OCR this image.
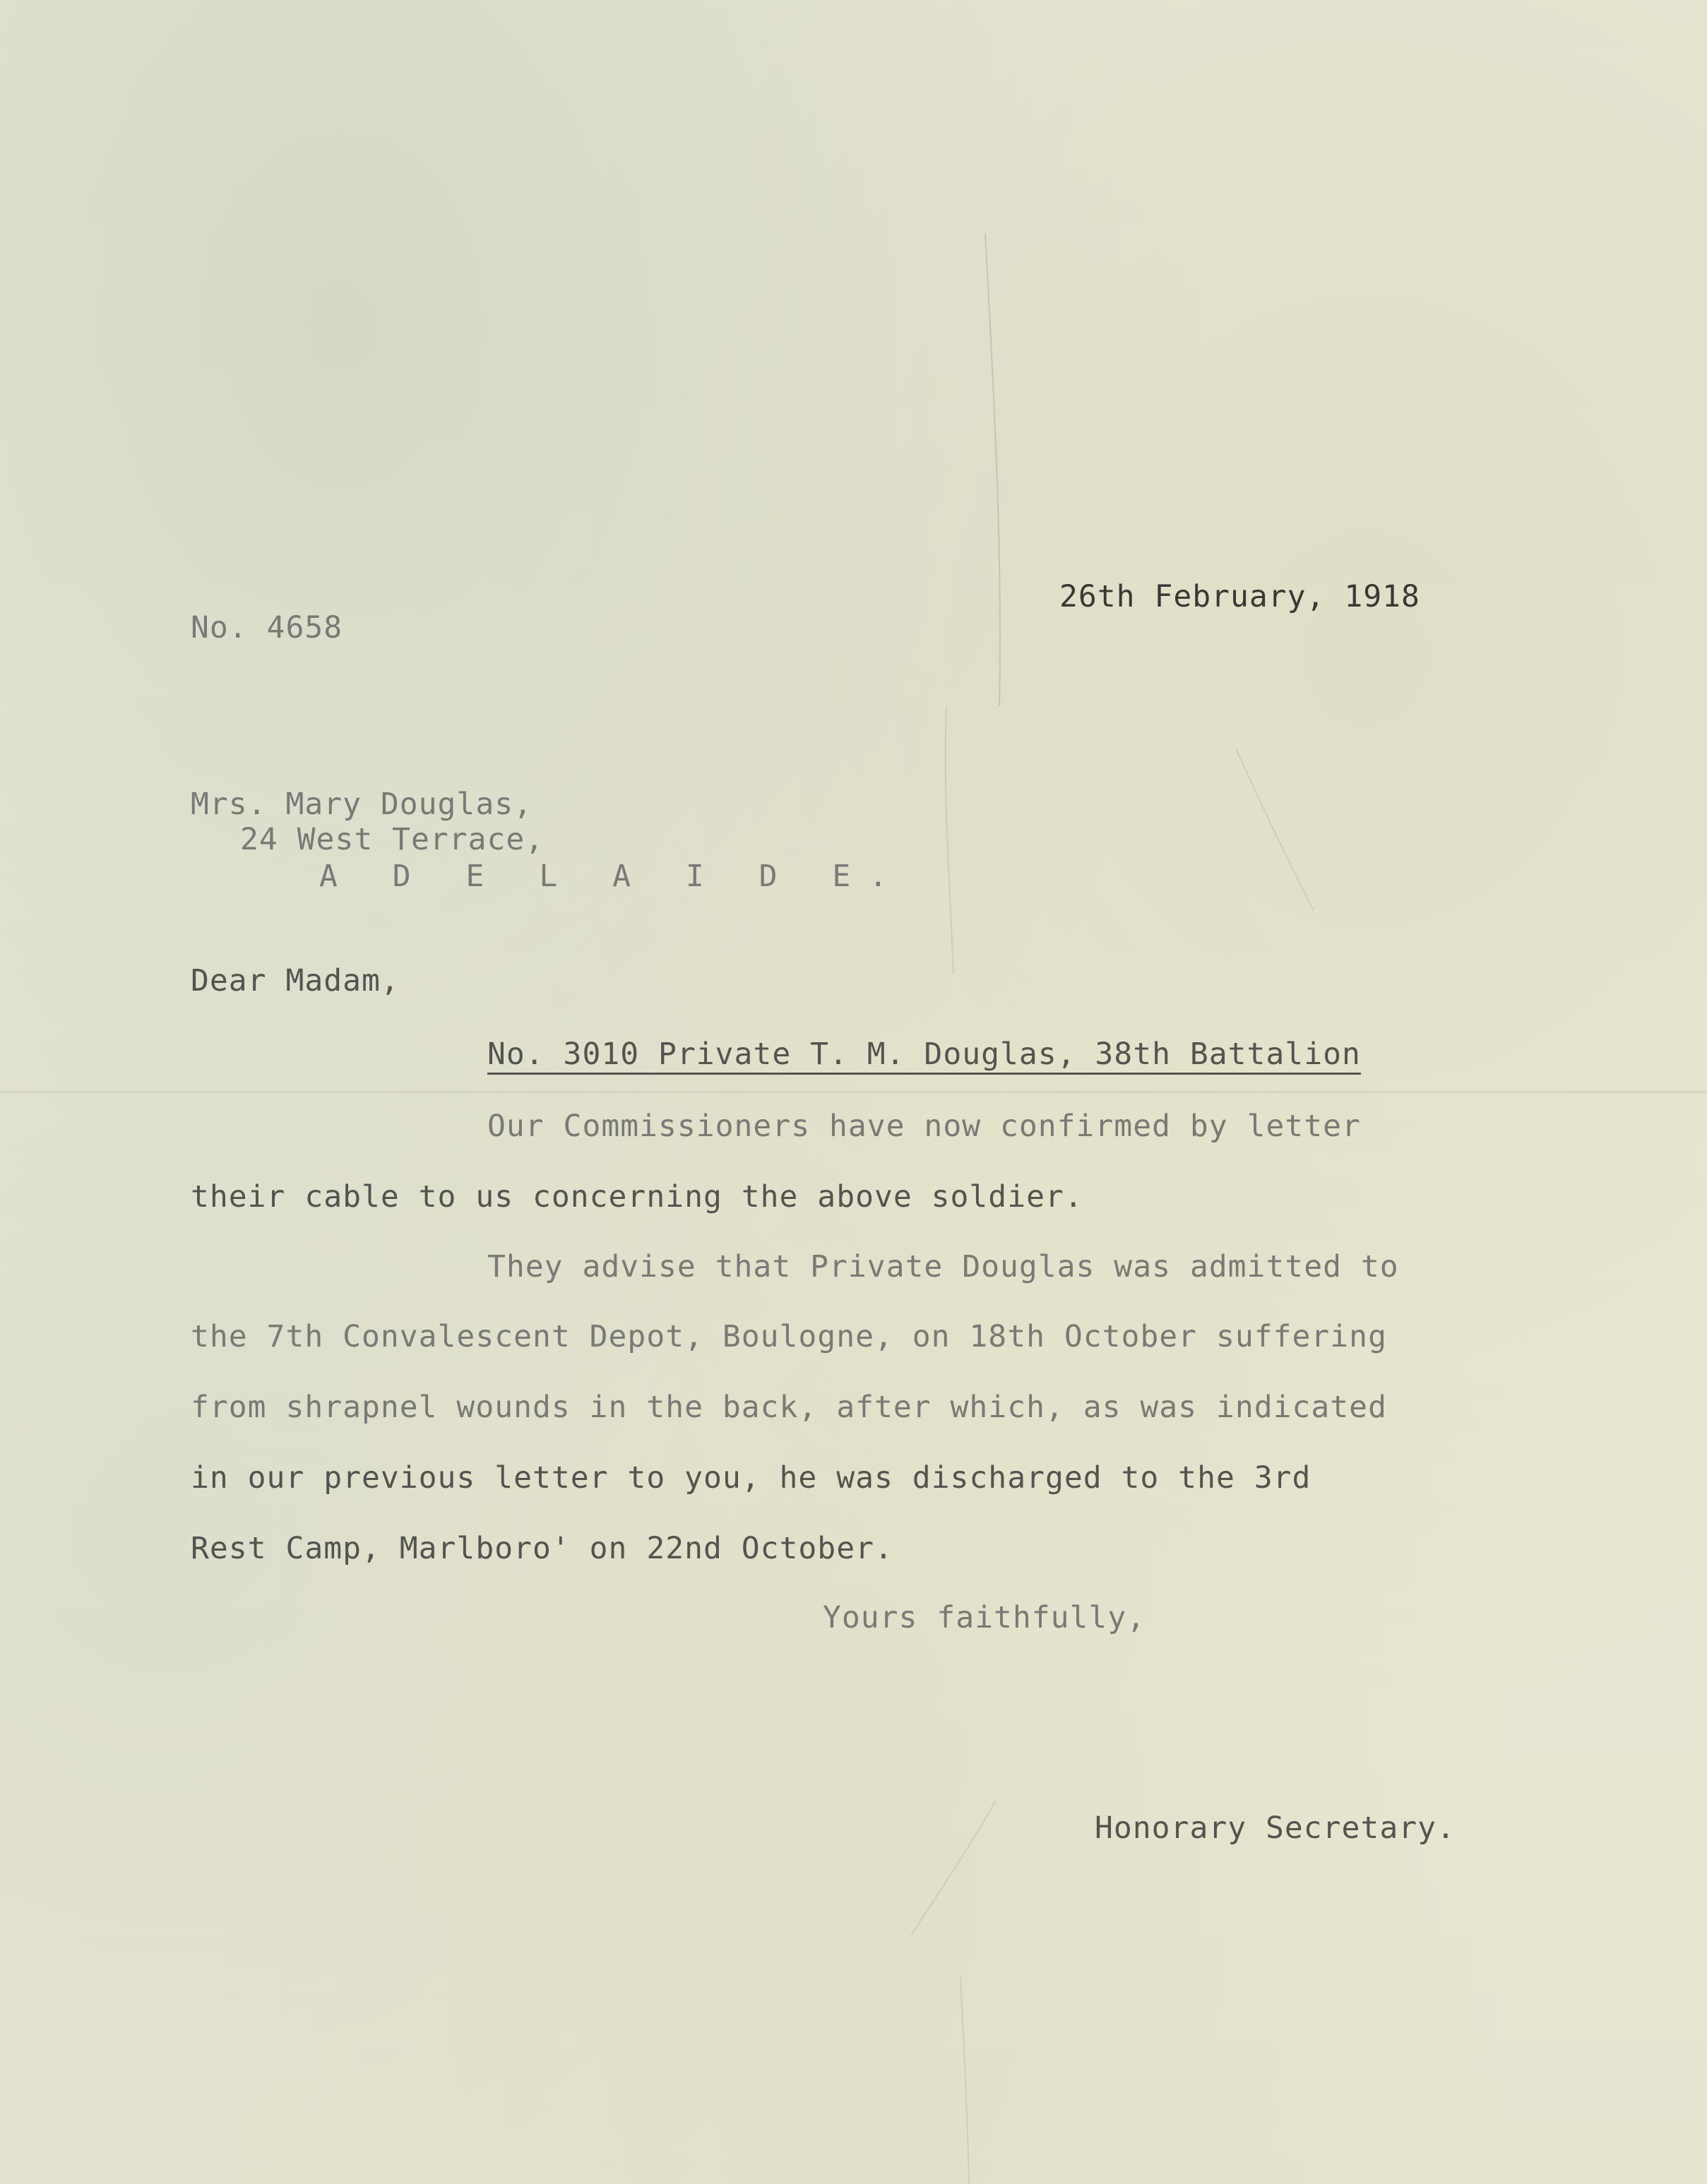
No. 4658
26th February, 1918
Mrs. Mary Douglas,
24 West Terrace,
A D E L A I D E.
Dear Madam,
No. 3010 Private T. M. Douglas, 38th Battalion
Our Commissioners have now confirmed by letter
their cable to us concerning the above soldier.
They advise that Private Douglas was admitted to
the 7th Convalescent Depot, Boulogne, on 18th October suffering
from shrapnel wounds in the back, after which, as was indicated
in our previous letter to you, he was discharged to the 3rd
Rest Camp, Marlboro' on 22nd October.
Yours faithfully,
Honorary Secretary.
